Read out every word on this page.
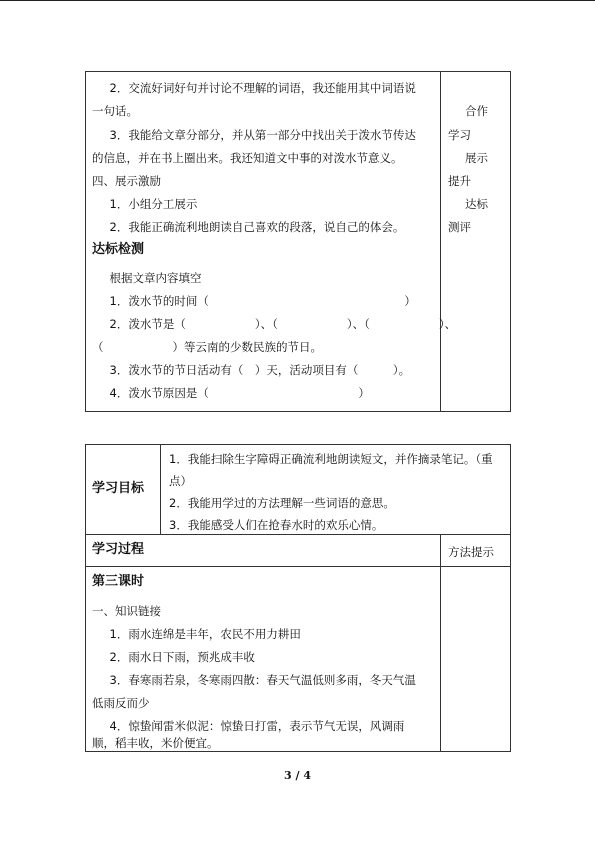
　2．交流好词好句并讨论不理解的词语，我还能用其中词语说
一句话。
　3．我能给文章分部分，并从第一部分中找出关于泼水节传达
的信息，并在书上圈出来。我还知道文中事的对泼水节意义。
四、展示激励
　1．小组分工展示
　2．我能正确流利地朗读自己喜欢的段落，说自己的体会。
达标检测
　根据文章内容填空
　1．泼水节的时间（　　　　　　　　　　　　　　　　　）
　2．泼水节是（　　　　　　）、（　　　　　　）、（　　　　　　）、
（　　　　　　）等云南的少数民族的节日。
　3．泼水节的节日活动有（　）天，活动项目有（　　　）。
　4．泼水节原因是（　　　　　　　　　　　　　）
合作
学习
展示
提升
达标
测评
学习目标
1．我能扫除生字障碍正确流利地朗读短文，并作摘录笔记。（重
点）
2．我能用学过的方法理解一些词语的意思。
3．我能感受人们在抢春水时的欢乐心情。
学习过程	方法提示
第三课时
一、知识链接
　1．雨水连绵是丰年，农民不用力耕田
　2．雨水日下雨，预兆成丰收
　3．春寒雨若泉，冬寒雨四散：春天气温低则多雨，冬天气温
低雨反而少
　4．惊蛰闻雷米似泥：惊蛰日打雷，表示节气无误，风调雨
顺，稻丰收，米价便宜。
3 / 4
